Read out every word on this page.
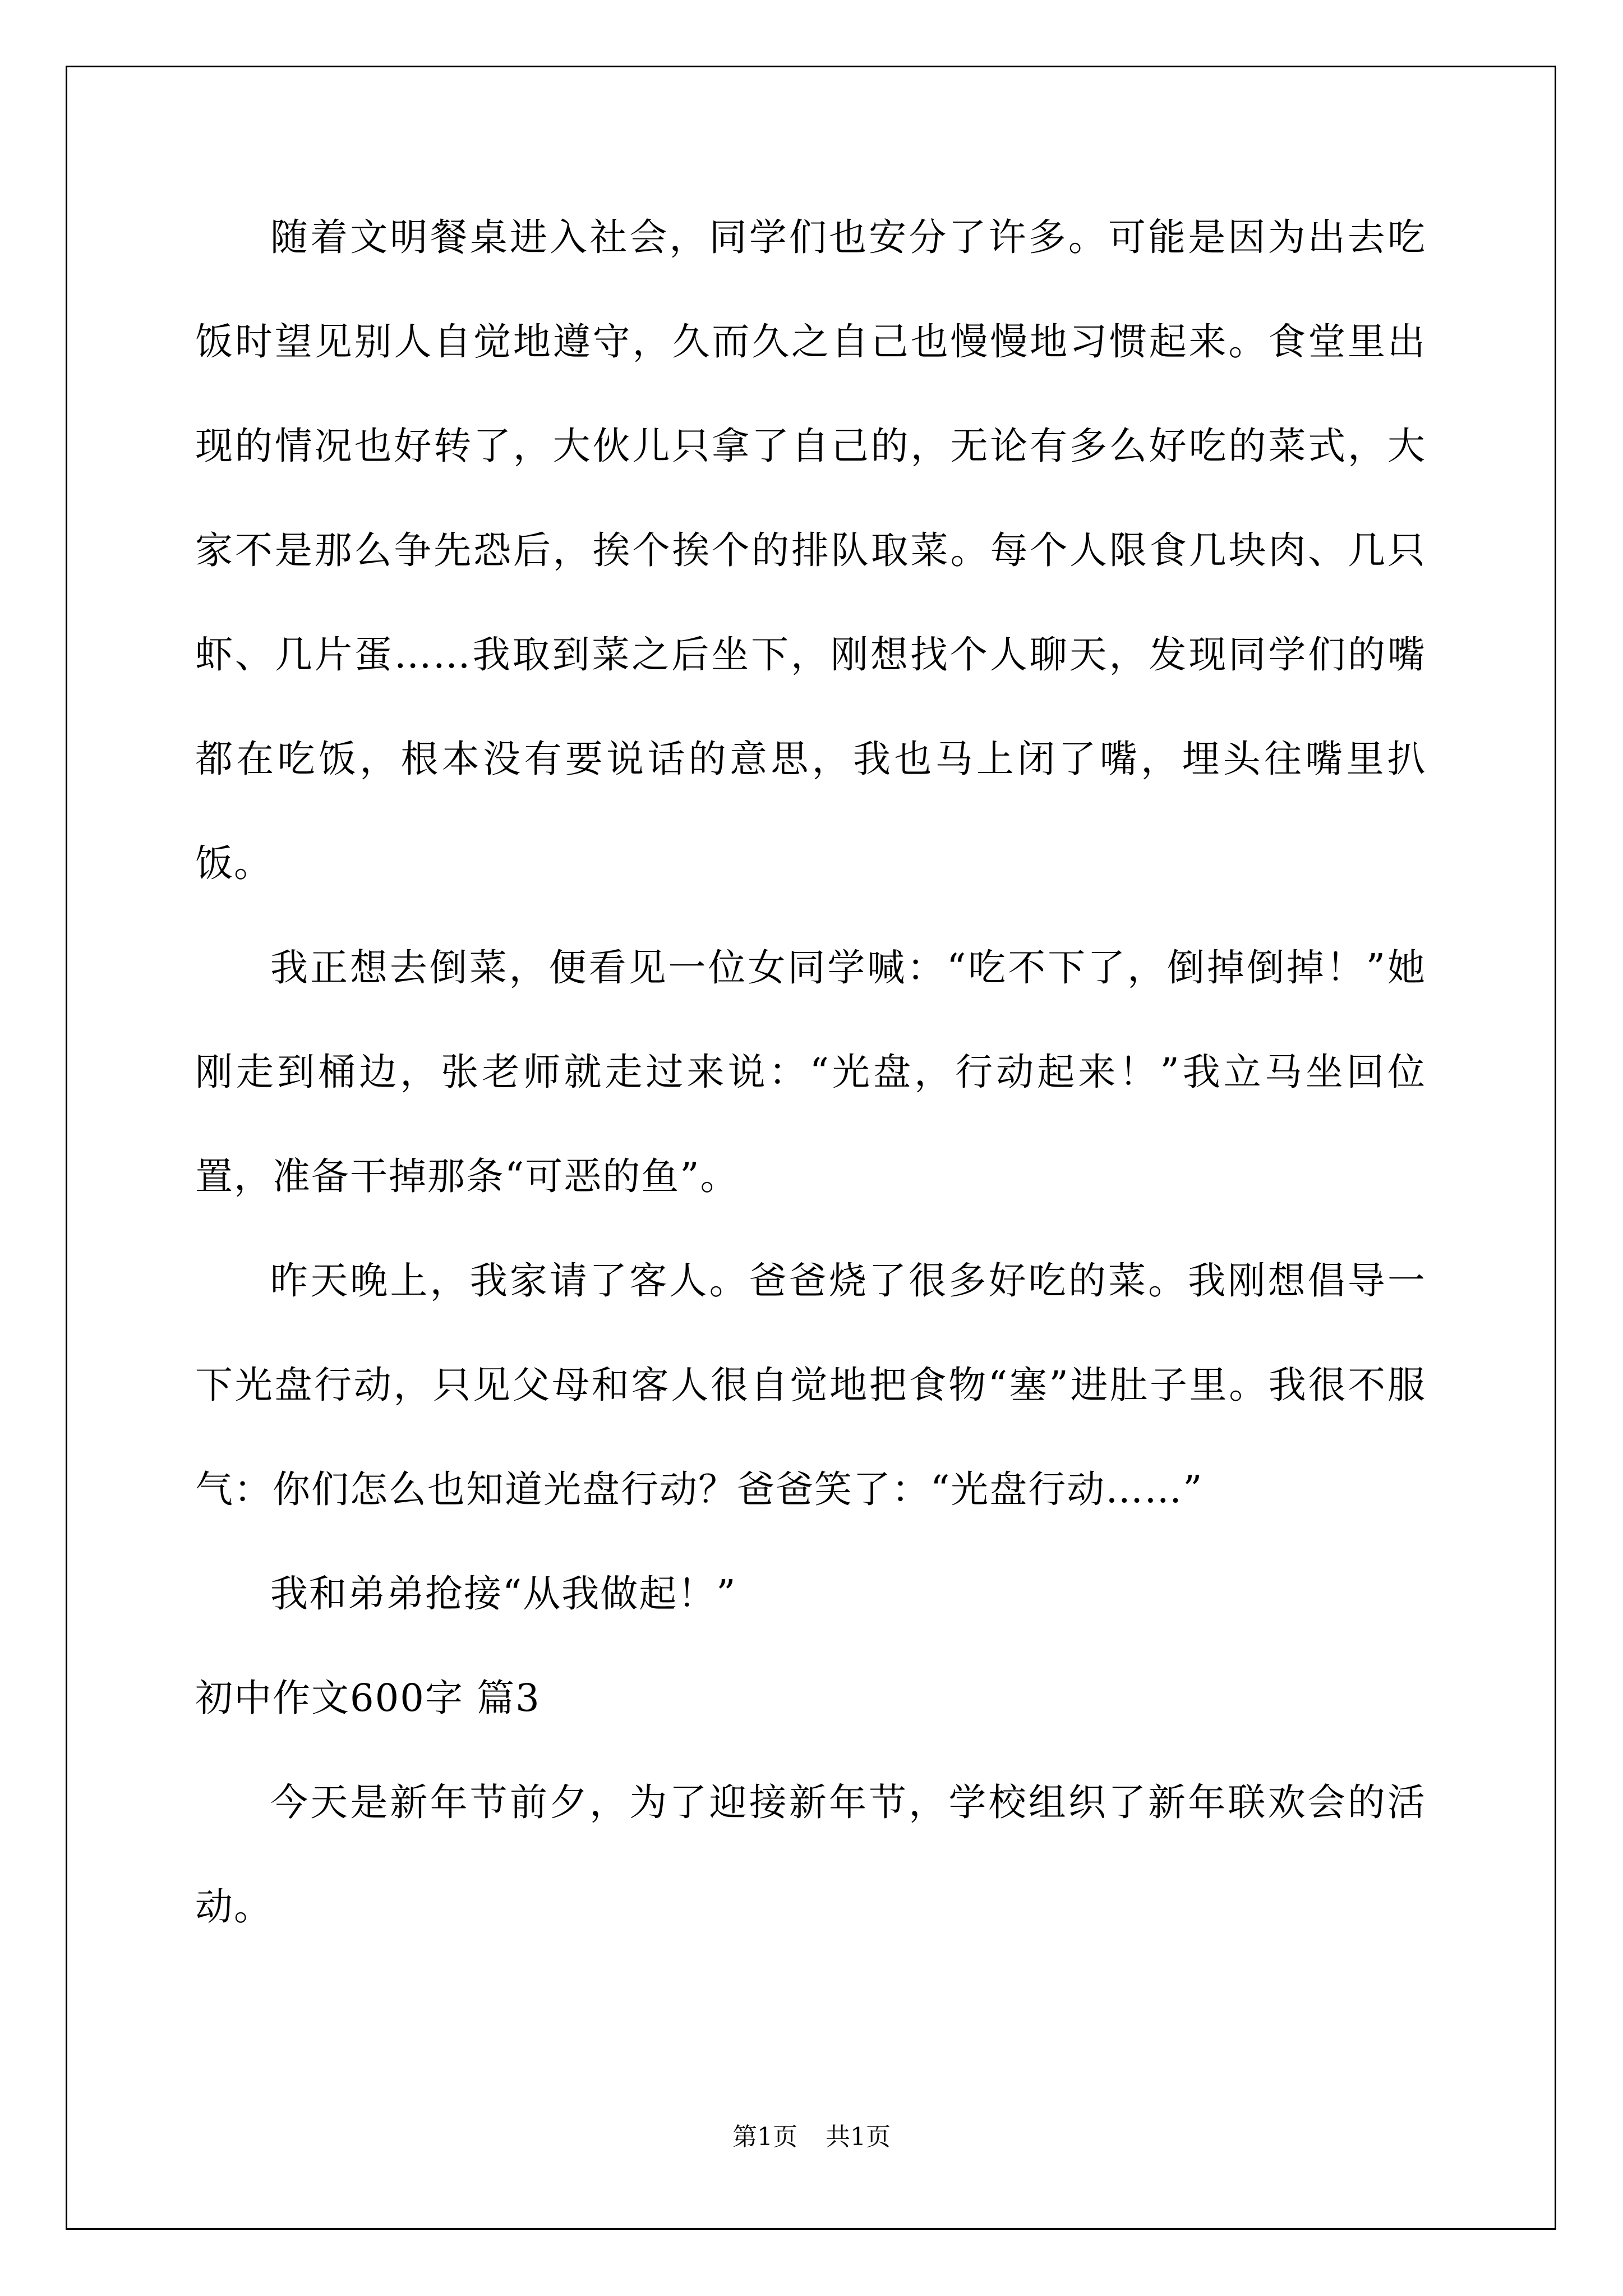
随着文明餐桌进入社会，同学们也安分了许多。可能是因为出去吃饭时望见别人自觉地遵守，久而久之自己也慢慢地习惯起来。食堂里出现的情况也好转了，大伙儿只拿了自己的，无论有多么好吃的菜式，大家不是那么争先恐后，挨个挨个的排队取菜。每个人限食几块肉、几只虾、几片蛋……我取到菜之后坐下，刚想找个人聊天，发现同学们的嘴都在吃饭，根本没有要说话的意思，我也马上闭了嘴，埋头往嘴里扒饭。

我正想去倒菜，便看见一位女同学喊：“吃不下了，倒掉倒掉！”她刚走到桶边，张老师就走过来说：“光盘，行动起来！”我立马坐回位置，准备干掉那条“可恶的鱼”。

昨天晚上，我家请了客人。爸爸烧了很多好吃的菜。我刚想倡导一下光盘行动，只见父母和客人很自觉地把食物“塞”进肚子里。我很不服气：你们怎么也知道光盘行动？爸爸笑了：“光盘行动……”

我和弟弟抢接“从我做起！”

初中作文600字 篇3

今天是新年节前夕，为了迎接新年节，学校组织了新年联欢会的活动。

第1页 共1页
